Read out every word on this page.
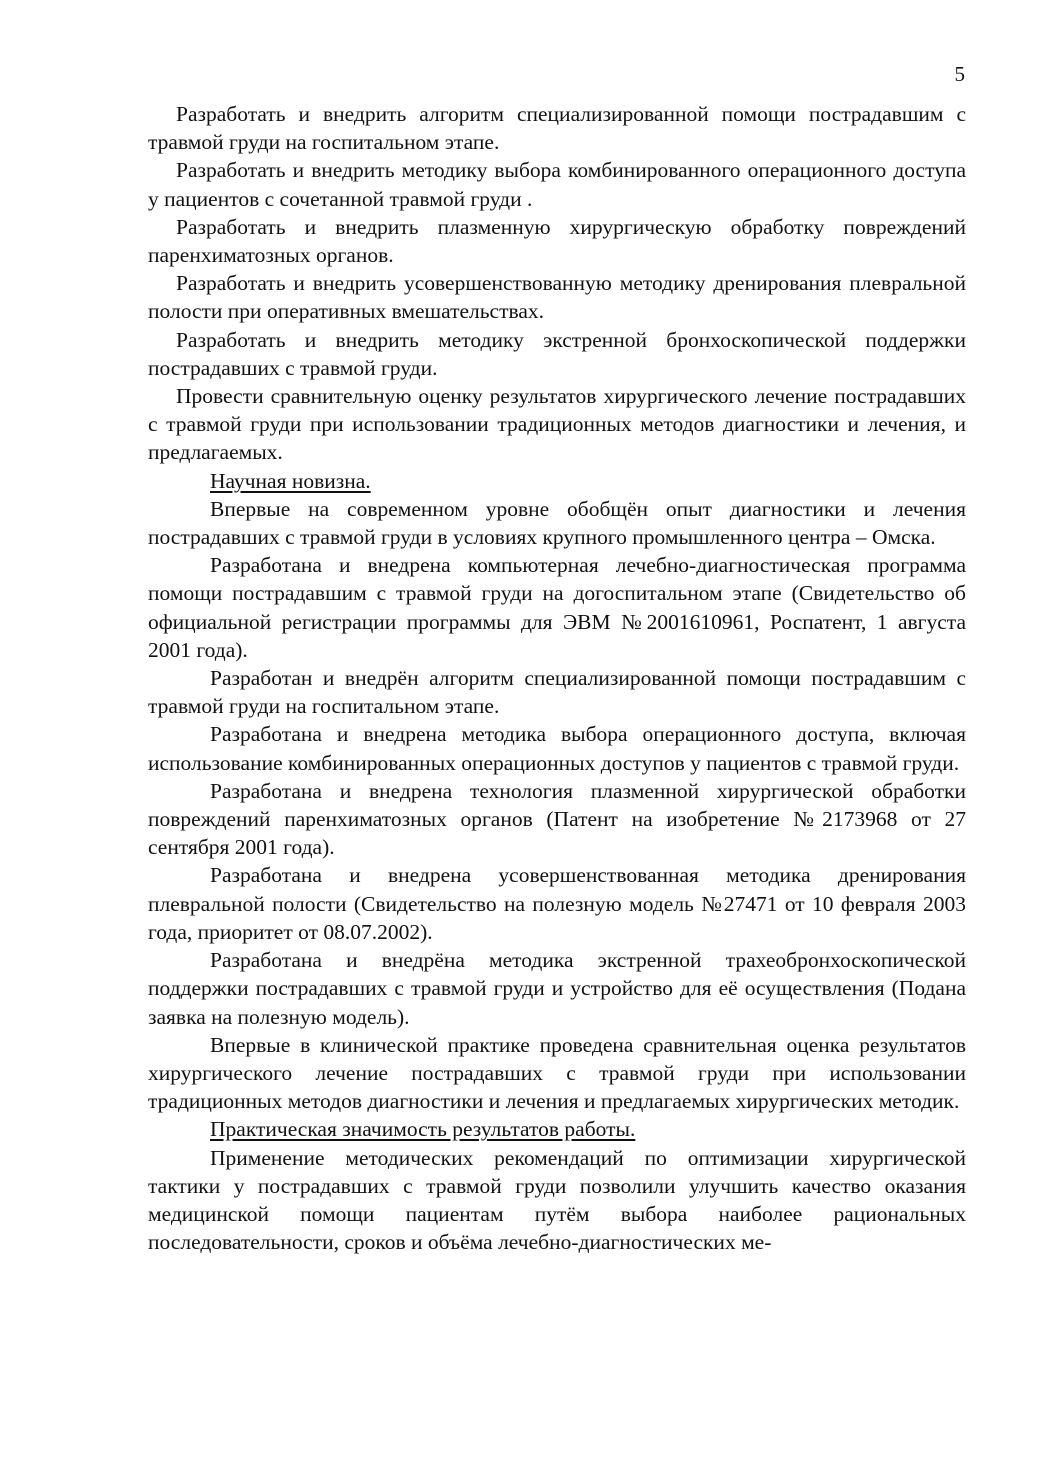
5

Разработать и внедрить алгоритм специализированной помощи пострадавшим с травмой груди на госпитальном этапе.

Разработать и внедрить методику выбора комбинированного операционного доступа у пациентов с сочетанной травмой груди .

Разработать и внедрить плазменную хирургическую обработку повреждений паренхиматозных органов.

Разработать и внедрить усовершенствованную методику дренирования плевральной полости при оперативных вмешательствах.

Разработать и внедрить методику экстренной бронхоскопической поддержки пострадавших с травмой груди.

Провести сравнительную оценку результатов хирургического лечение пострадавших с травмой груди при использовании традиционных методов диагностики и лечения, и предлагаемых.

Научная новизна.

Впервые на современном уровне обобщён опыт диагностики и лечения пострадавших с травмой груди в условиях крупного промышленного центра – Омска.

Разработана и внедрена компьютерная лечебно-диагностическая программа помощи пострадавшим с травмой груди на догоспитальном этапе (Свидетельство об официальной регистрации программы для ЭВМ №2001610961, Роспатент, 1 августа 2001 года).

Разработан и внедрён алгоритм специализированной помощи пострадавшим с травмой груди на госпитальном этапе.

Разработана и внедрена методика выбора операционного доступа, включая использование комбинированных операционных доступов у пациентов с травмой груди.

Разработана и внедрена технология плазменной хирургической обработки повреждений паренхиматозных органов (Патент на изобретение №2173968 от 27 сентября 2001 года).

Разработана и внедрена усовершенствованная методика дренирования плевральной полости (Свидетельство на полезную модель №27471 от 10 февраля 2003 года, приоритет от 08.07.2002).

Разработана и внедрёна методика экстренной трахеобронхоскопической поддержки пострадавших с травмой груди и устройство для её осуществления (Подана заявка на полезную модель).

Впервые в клинической практике проведена сравнительная оценка результатов хирургического лечение пострадавших с травмой груди при использовании традиционных методов диагностики и лечения и предлагаемых хирургических методик.

Практическая значимость результатов работы.

Применение методических рекомендаций по оптимизации хирургической тактики у пострадавших с травмой груди позволили улучшить качество оказания медицинской помощи пациентам путём выбора наиболее рациональных последовательности, сроков и объёма лечебно-диагностических ме-
